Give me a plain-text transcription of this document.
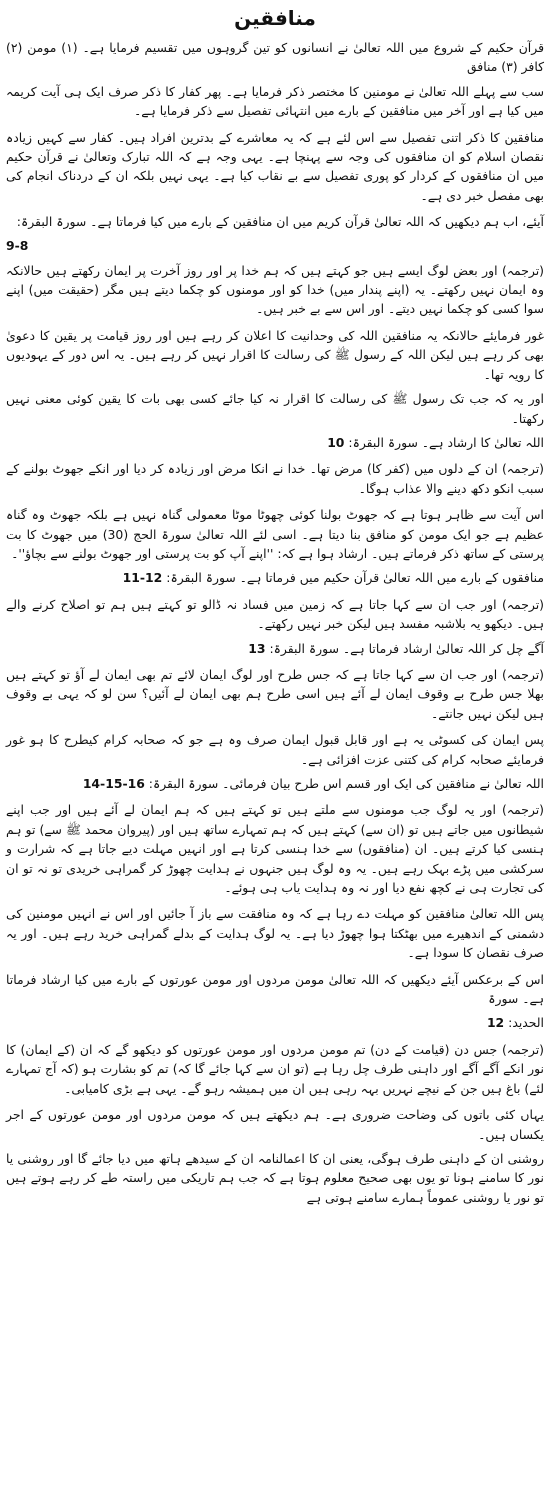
منافقین

قرآن حکیم کے شروع میں اللہ تعالیٰ نے انسانوں کو تین گروہوں میں تقسیم فرمایا ہے۔ (۱) مومن (۲) کافر (۳) منافق

سب سے پہلے اللہ تعالیٰ نے مومنین کا مختصر ذکر فرمایا ہے۔ پھر کفار کا ذکر صرف ایک ہی آیت کریمہ میں کیا ہے اور آخر میں منافقین کے بارے میں انتہائی تفصیل سے ذکر فرمایا ہے۔

منافقین کا ذکر اتنی تفصیل سے اس لئے ہے کہ یہ معاشرے کے بدترین افراد ہیں۔ کفار سے کہیں زیادہ نقصان اسلام کو ان منافقوں کی وجہ سے پہنچا ہے۔ یہی وجہ ہے کہ اللہ تبارک وتعالیٰ نے قرآن حکیم میں ان منافقوں کے کردار کو پوری تفصیل سے بے نقاب کیا ہے۔ یہی نہیں بلکہ ان کے دردناک انجام کی بھی مفصل خبر دی ہے۔

آیئے، اب ہم دیکھیں کہ اللہ تعالیٰ قرآن کریم میں ان منافقین کے بارے میں کیا فرماتا ہے۔ سورۃ البقرۃ:

9-8

(ترجمہ) اور بعض لوگ ایسے ہیں جو کہتے ہیں کہ ہم خدا پر اور روز آخرت پر ایمان رکھتے ہیں حالانکہ وہ ایمان نہیں رکھتے۔ یہ (اپنے پندار میں) خدا کو اور مومنوں کو چکما دیتے ہیں مگر (حقیقت میں) اپنے سوا کسی کو چکما نہیں دیتے۔ اور اس سے بے خبر ہیں۔

غور فرمایئے حالانکہ یہ منافقین اللہ کی وحدانیت کا اعلان کر رہے ہیں اور روز قیامت پر یقین کا دعویٰ بھی کر رہے ہیں لیکن اللہ کے رسول ﷺ کی رسالت کا اقرار نہیں کر رہے ہیں۔ یہ اس دور کے یہودیوں کا رویہ تھا۔

اور یہ کہ جب تک رسول ﷺ کی رسالت کا اقرار نہ کیا جائے کسی بھی بات کا یقین کوئی معنی نہیں رکھتا۔

اللہ تعالیٰ کا ارشاد ہے۔ سورۃ البقرۃ: 10

(ترجمہ) ان کے دلوں میں (کفر کا) مرض تھا۔ خدا نے انکا مرض اور زیادہ کر دیا اور انکے جھوٹ بولنے کے سبب انکو دکھ دینے والا عذاب ہوگا۔

اس آیت سے ظاہر ہوتا ہے کہ جھوٹ بولنا کوئی چھوٹا موٹا معمولی گناہ نہیں ہے بلکہ جھوٹ وہ گناہ عظیم ہے جو ایک مومن کو منافق بنا دیتا ہے۔ اسی لئے اللہ تعالیٰ سورۃ الحج (30) میں جھوٹ کا بت پرستی کے ساتھ ذکر فرماتے ہیں۔ ارشاد ہوا ہے کہ: ''اپنے آپ کو بت پرستی اور جھوٹ بولنے سے بچاؤ''۔

منافقوں کے بارے میں اللہ تعالیٰ قرآن حکیم میں فرماتا ہے۔ سورۃ البقرۃ: 11-12

(ترجمہ) اور جب ان سے کہا جاتا ہے کہ زمین میں فساد نہ ڈالو تو کہتے ہیں ہم تو اصلاح کرنے والے ہیں۔ دیکھو یہ بلاشبہ مفسد ہیں لیکن خبر نہیں رکھتے۔

آگے چل کر اللہ تعالیٰ ارشاد فرماتا ہے۔ سورۃ البقرۃ: 13

(ترجمہ) اور جب ان سے کہا جاتا ہے کہ جس طرح اور لوگ ایمان لائے تم بھی ایمان لے آؤ تو کہتے ہیں بھلا جس طرح بے وقوف ایمان لے آئے ہیں اسی طرح ہم بھی ایمان لے آئیں؟ سن لو کہ یہی بے وقوف ہیں لیکن نہیں جانتے۔

پس ایمان کی کسوٹی یہ ہے اور قابل قبول ایمان صرف وہ ہے جو کہ صحابہ کرام کیطرح کا ہو غور فرمایئے صحابہ کرام کی کتنی عزت افزائی ہے۔

اللہ تعالیٰ نے منافقین کی ایک اور قسم اس طرح بیان فرمائی۔ سورۃ البقرۃ: 14-15-16

(ترجمہ) اور یہ لوگ جب مومنوں سے ملتے ہیں تو کہتے ہیں کہ ہم ایمان لے آئے ہیں اور جب اپنے شیطانوں میں جاتے ہیں تو (ان سے) کہتے ہیں کہ ہم تمہارے ساتھ ہیں اور (پیروان محمد ﷺ سے) تو ہم ہنسی کیا کرتے ہیں۔ ان (منافقوں) سے خدا ہنسی کرتا ہے اور انہیں مہلت دیے جاتا ہے کہ شرارت و سرکشی میں پڑے بہک رہے ہیں۔ یہ وہ لوگ ہیں جنہوں نے ہدایت چھوڑ کر گمراہی خریدی تو نہ تو ان کی تجارت ہی نے کچھ نفع دیا اور نہ وہ ہدایت یاب ہی ہوئے۔

پس اللہ تعالیٰ منافقین کو مہلت دے رہا ہے کہ وہ منافقت سے باز آ جائیں اور اس نے انہیں مومنین کی دشمنی کے اندھیرے میں بھٹکتا ہوا چھوڑ دیا ہے۔ یہ لوگ ہدایت کے بدلے گمراہی خرید رہے ہیں۔ اور یہ صرف نقصان کا سودا ہے۔

اس کے برعکس آیئے دیکھیں کہ اللہ تعالیٰ مومن مردوں اور مومن عورتوں کے بارے میں کیا ارشاد فرماتا ہے۔ سورۃ

الحدید: 12

(ترجمہ) جس دن (قیامت کے دن) تم مومن مردوں اور مومن عورتوں کو دیکھو گے کہ ان (کے ایمان) کا نور انکے آگے آگے اور داہنی طرف چل رہا ہے (تو ان سے کہا جائے گا کہ) تم کو بشارت ہو (کہ آج تمہارے لئے) باغ ہیں جن کے نیچے نہریں بہہ رہی ہیں ان میں ہمیشہ رہو گے۔ یہی ہے بڑی کامیابی۔

یہاں کئی باتوں کی وضاحت ضروری ہے۔ ہم دیکھتے ہیں کہ مومن مردوں اور مومن عورتوں کے اجر یکساں ہیں۔

روشنی ان کے داہنی طرف ہوگی، یعنی ان کا اعمالنامہ ان کے سیدھے ہاتھ میں دیا جائے گا اور روشنی یا نور کا سامنے ہونا تو یوں بھی صحیح معلوم ہوتا ہے کہ جب ہم تاریکی میں راستہ طے کر رہے ہوتے ہیں تو نور یا روشنی عموماً ہمارے سامنے ہوتی ہے
